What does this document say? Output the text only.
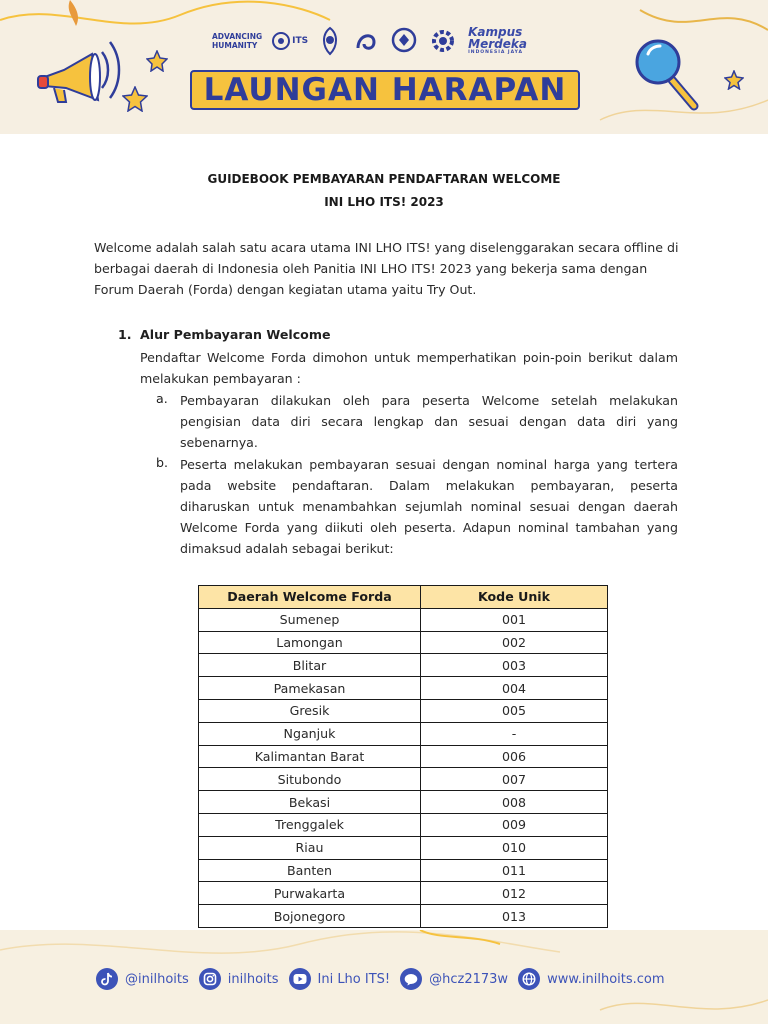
ADVANCING
HUMANITY	ITS
Kampus
Merdeka
INDONESIA JAYA
LAUNGAN HARAPAN
GUIDEBOOK PEMBAYARAN PENDAFTARAN WELCOME
INI LHO ITS! 2023
Welcome adalah salah satu acara utama INI LHO ITS! yang diselenggarakan secara offline di berbagai daerah di Indonesia oleh Panitia INI LHO ITS! 2023 yang bekerja sama dengan Forum Daerah (Forda) dengan kegiatan utama yaitu Try Out.
1. Alur Pembayaran Welcome
Pendaftar Welcome Forda dimohon untuk memperhatikan poin-poin berikut dalam melakukan pembayaran :
a. Pembayaran dilakukan oleh para peserta Welcome setelah melakukan pengisian data diri secara lengkap dan sesuai dengan data diri yang sebenarnya.
b. Peserta melakukan pembayaran sesuai dengan nominal harga yang tertera pada website pendaftaran. Dalam melakukan pembayaran, peserta diharuskan untuk menambahkan sejumlah nominal sesuai dengan daerah Welcome Forda yang diikuti oleh peserta. Adapun nominal tambahan yang dimaksud adalah sebagai berikut:
Daerah Welcome Forda	Kode Unik
Sumenep	001
Lamongan	002
Blitar	003
Pamekasan	004
Gresik	005
Nganjuk	-
Kalimantan Barat	006
Situbondo	007
Bekasi	008
Trenggalek	009
Riau	010
Banten	011
Purwakarta	012
Bojonegoro	013
@inilhoits	inilhoits	Ini Lho ITS!	@hcz2173w	www.inilhoits.com
